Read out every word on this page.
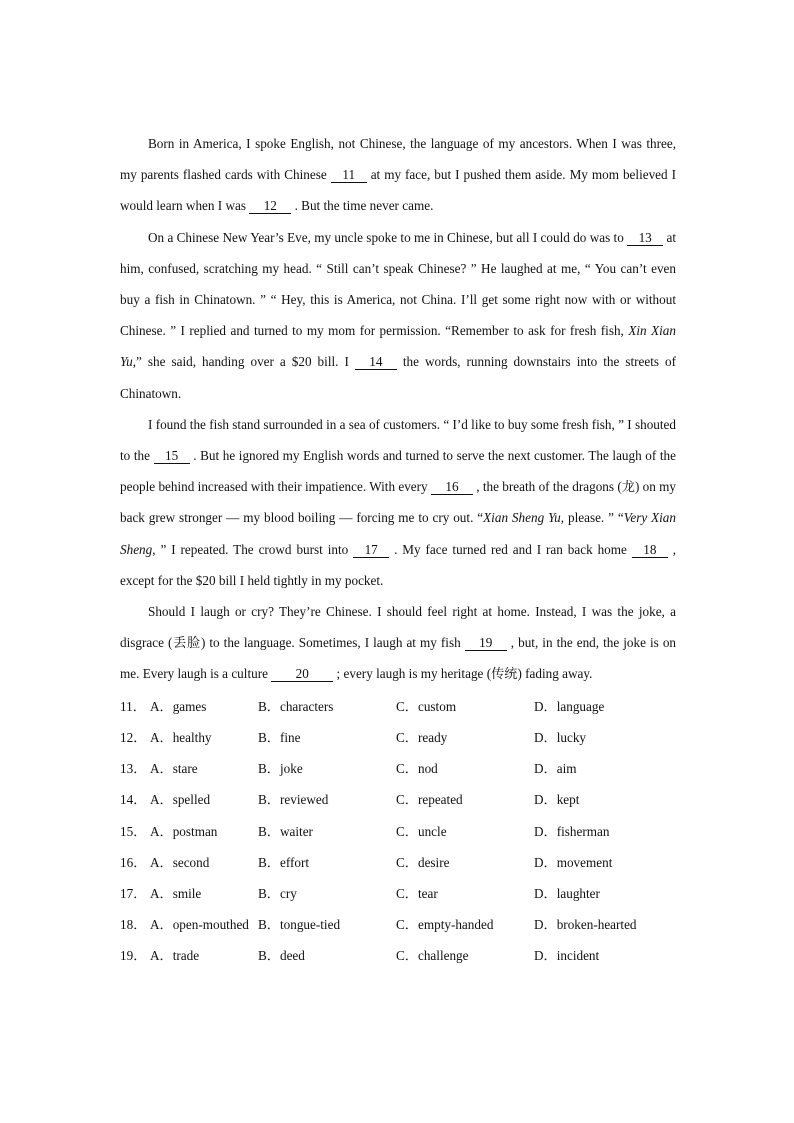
Born in America, I spoke English, not Chinese, the language of my ancestors. When I was three, my parents flashed cards with Chinese 11 at my face, but I pushed them aside. My mom believed I would learn when I was 12 . But the time never came.

On a Chinese New Year’s Eve, my uncle spoke to me in Chinese, but all I could do was to 13 at him, confused, scratching my head. “ Still can’t speak Chinese? ” He laughed at me, “ You can’t even buy a fish in Chinatown. ” “ Hey, this is America, not China. I’ll get some right now with or without Chinese. ” I replied and turned to my mom for permission. “Remember to ask for fresh fish, Xin Xian Yu,” she said, handing over a $20 bill. I 14 the words, running downstairs into the streets of Chinatown.

I found the fish stand surrounded in a sea of customers. “ I’d like to buy some fresh fish, ” I shouted to the 15 . But he ignored my English words and turned to serve the next customer. The laugh of the people behind increased with their impatience. With every 16 , the breath of the dragons (龙) on my back grew stronger — my blood boiling — forcing me to cry out. “Xian Sheng Yu, please. ” “Very Xian Sheng, ” I repeated. The crowd burst into 17 . My face turned red and I ran back home 18 , except for the $20 bill I held tightly in my pocket.

Should I laugh or cry? They’re Chinese. I should feel right at home. Instead, I was the joke, a disgrace (丢脸) to the language. Sometimes, I laugh at my fish 19 , but, in the end, the joke is on me. Every laugh is a culture 20 ; every laugh is my heritage (传统) fading away.

11． A．games	B．characters	C．custom	D．language
12． A．healthy	B．fine	C．ready	D．lucky
13． A．stare	B．joke	C．nod	D．aim
14． A．spelled	B．reviewed	C．repeated	D．kept
15． A．postman	B．waiter	C．uncle	D．fisherman
16． A．second	B．effort	C．desire	D．movement
17． A．smile	B．cry	C．tear	D．laughter
18． A．open-mouthed B．tongue-tied	C．empty-handed	D．broken-hearted
19． A．trade	B．deed	C．challenge	D．incident
